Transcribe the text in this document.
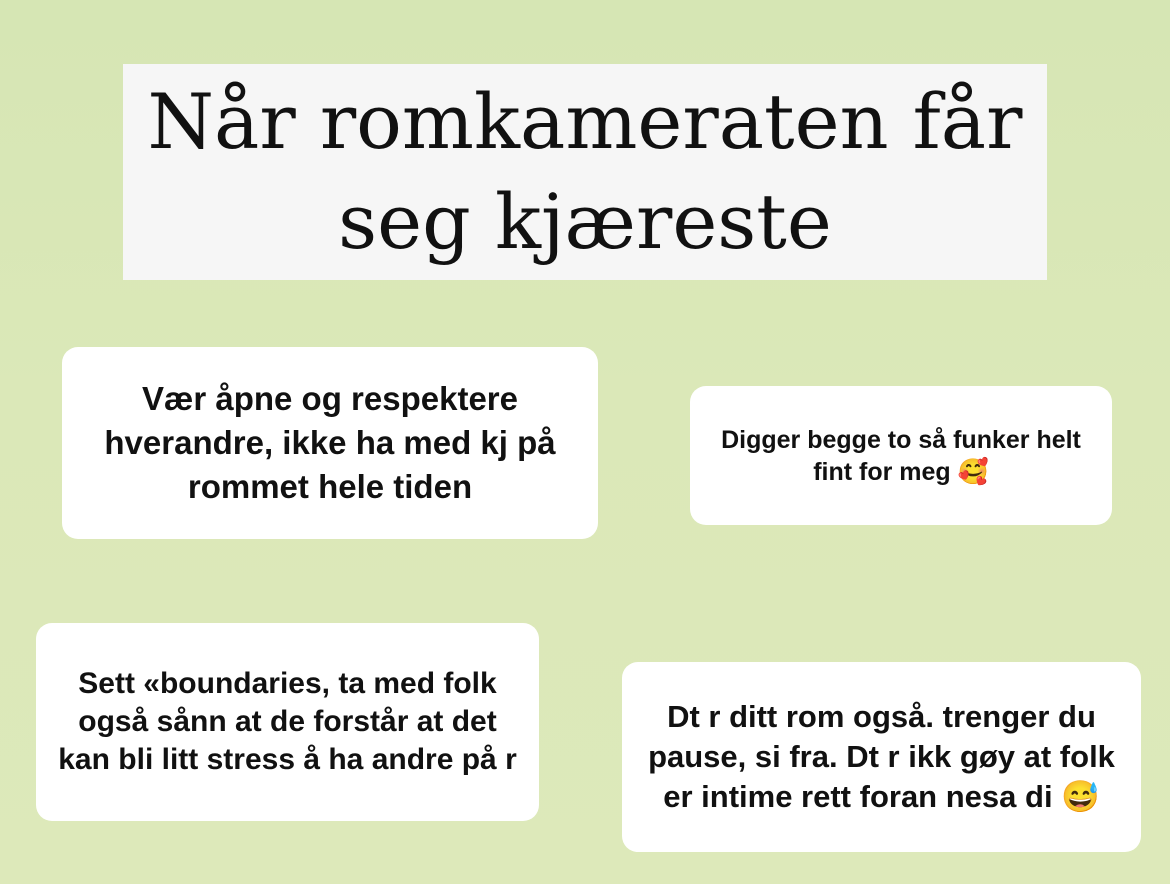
Når romkameraten får
seg kjæreste
Vær åpne og respektere hverandre, ikke ha med kj på rommet hele tiden
Digger begge to så funker helt fint for meg 🥰
Sett «boundaries, ta med folk også sånn at de forstår at det kan bli litt stress å ha andre på r
Dt r ditt rom også. trenger du pause, si fra. Dt r ikk gøy at folk er intime rett foran nesa di 😅
